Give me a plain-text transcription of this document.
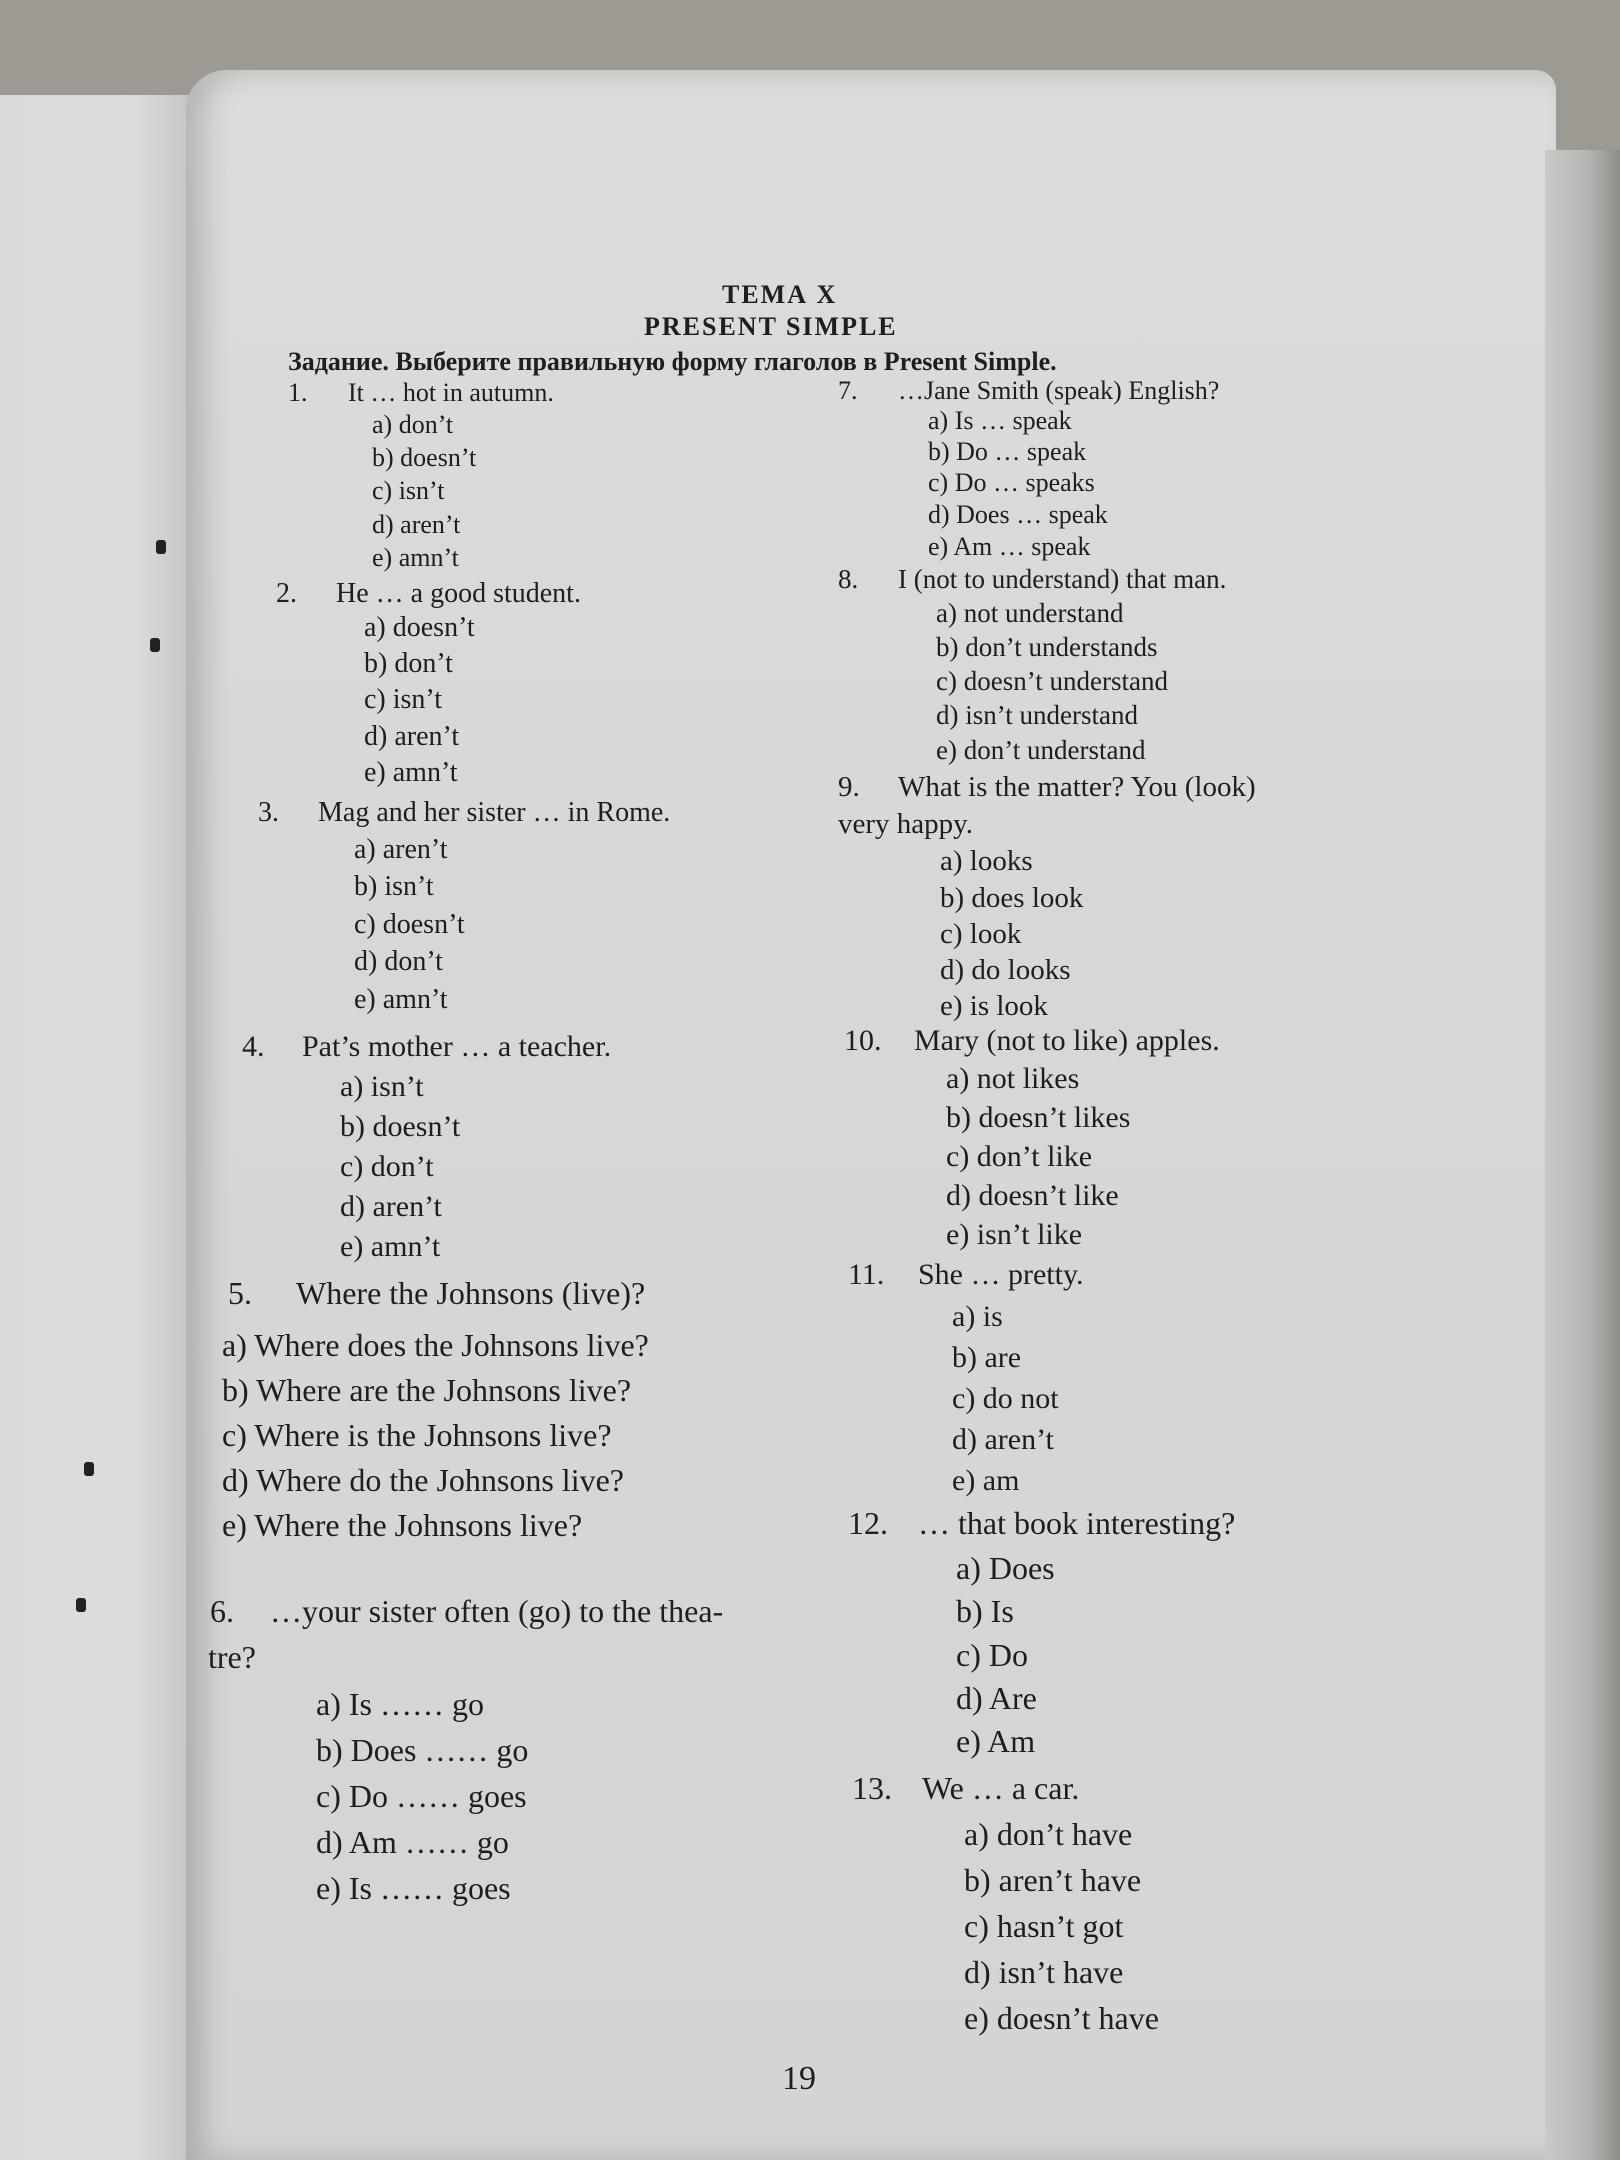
ТЕМА X
PRESENT SIMPLE
Задание. Выберите правильную форму глаголов в Present Simple.
1. It … hot in autumn.
a) don’t
b) doesn’t
c) isn’t
d) aren’t
e) amn’t
2. He … a good student.
a) doesn’t
b) don’t
c) isn’t
d) aren’t
e) amn’t
3. Mag and her sister … in Rome.
a) aren’t
b) isn’t
c) doesn’t
d) don’t
e) amn’t
4. Pat’s mother … a teacher.
a) isn’t
b) doesn’t
c) don’t
d) aren’t
e) amn’t
5. Where the Johnsons (live)?
a) Where does the Johnsons live?
b) Where are the Johnsons live?
c) Where is the Johnsons live?
d) Where do the Johnsons live?
e) Where the Johnsons live?
6. …your sister often (go) to the thea-
tre?
a) Is …… go
b) Does …… go
c) Do …… goes
d) Am …… go
e) Is …… goes
7. …Jane Smith (speak) English?
a) Is … speak
b) Do … speak
c) Do … speaks
d) Does … speak
e) Am … speak
8. I (not to understand) that man.
a) not understand
b) don’t understands
c) doesn’t understand
d) isn’t understand
e) don’t understand
9. What is the matter? You (look)
very happy.
a) looks
b) does look
c) look
d) do looks
e) is look
10. Mary (not to like) apples.
a) not likes
b) doesn’t likes
c) don’t like
d) doesn’t like
e) isn’t like
11. She … pretty.
a) is
b) are
c) do not
d) aren’t
e) am
12. … that book interesting?
a) Does
b) Is
c) Do
d) Are
e) Am
13. We … a car.
a) don’t have
b) aren’t have
c) hasn’t got
d) isn’t have
e) doesn’t have
19
